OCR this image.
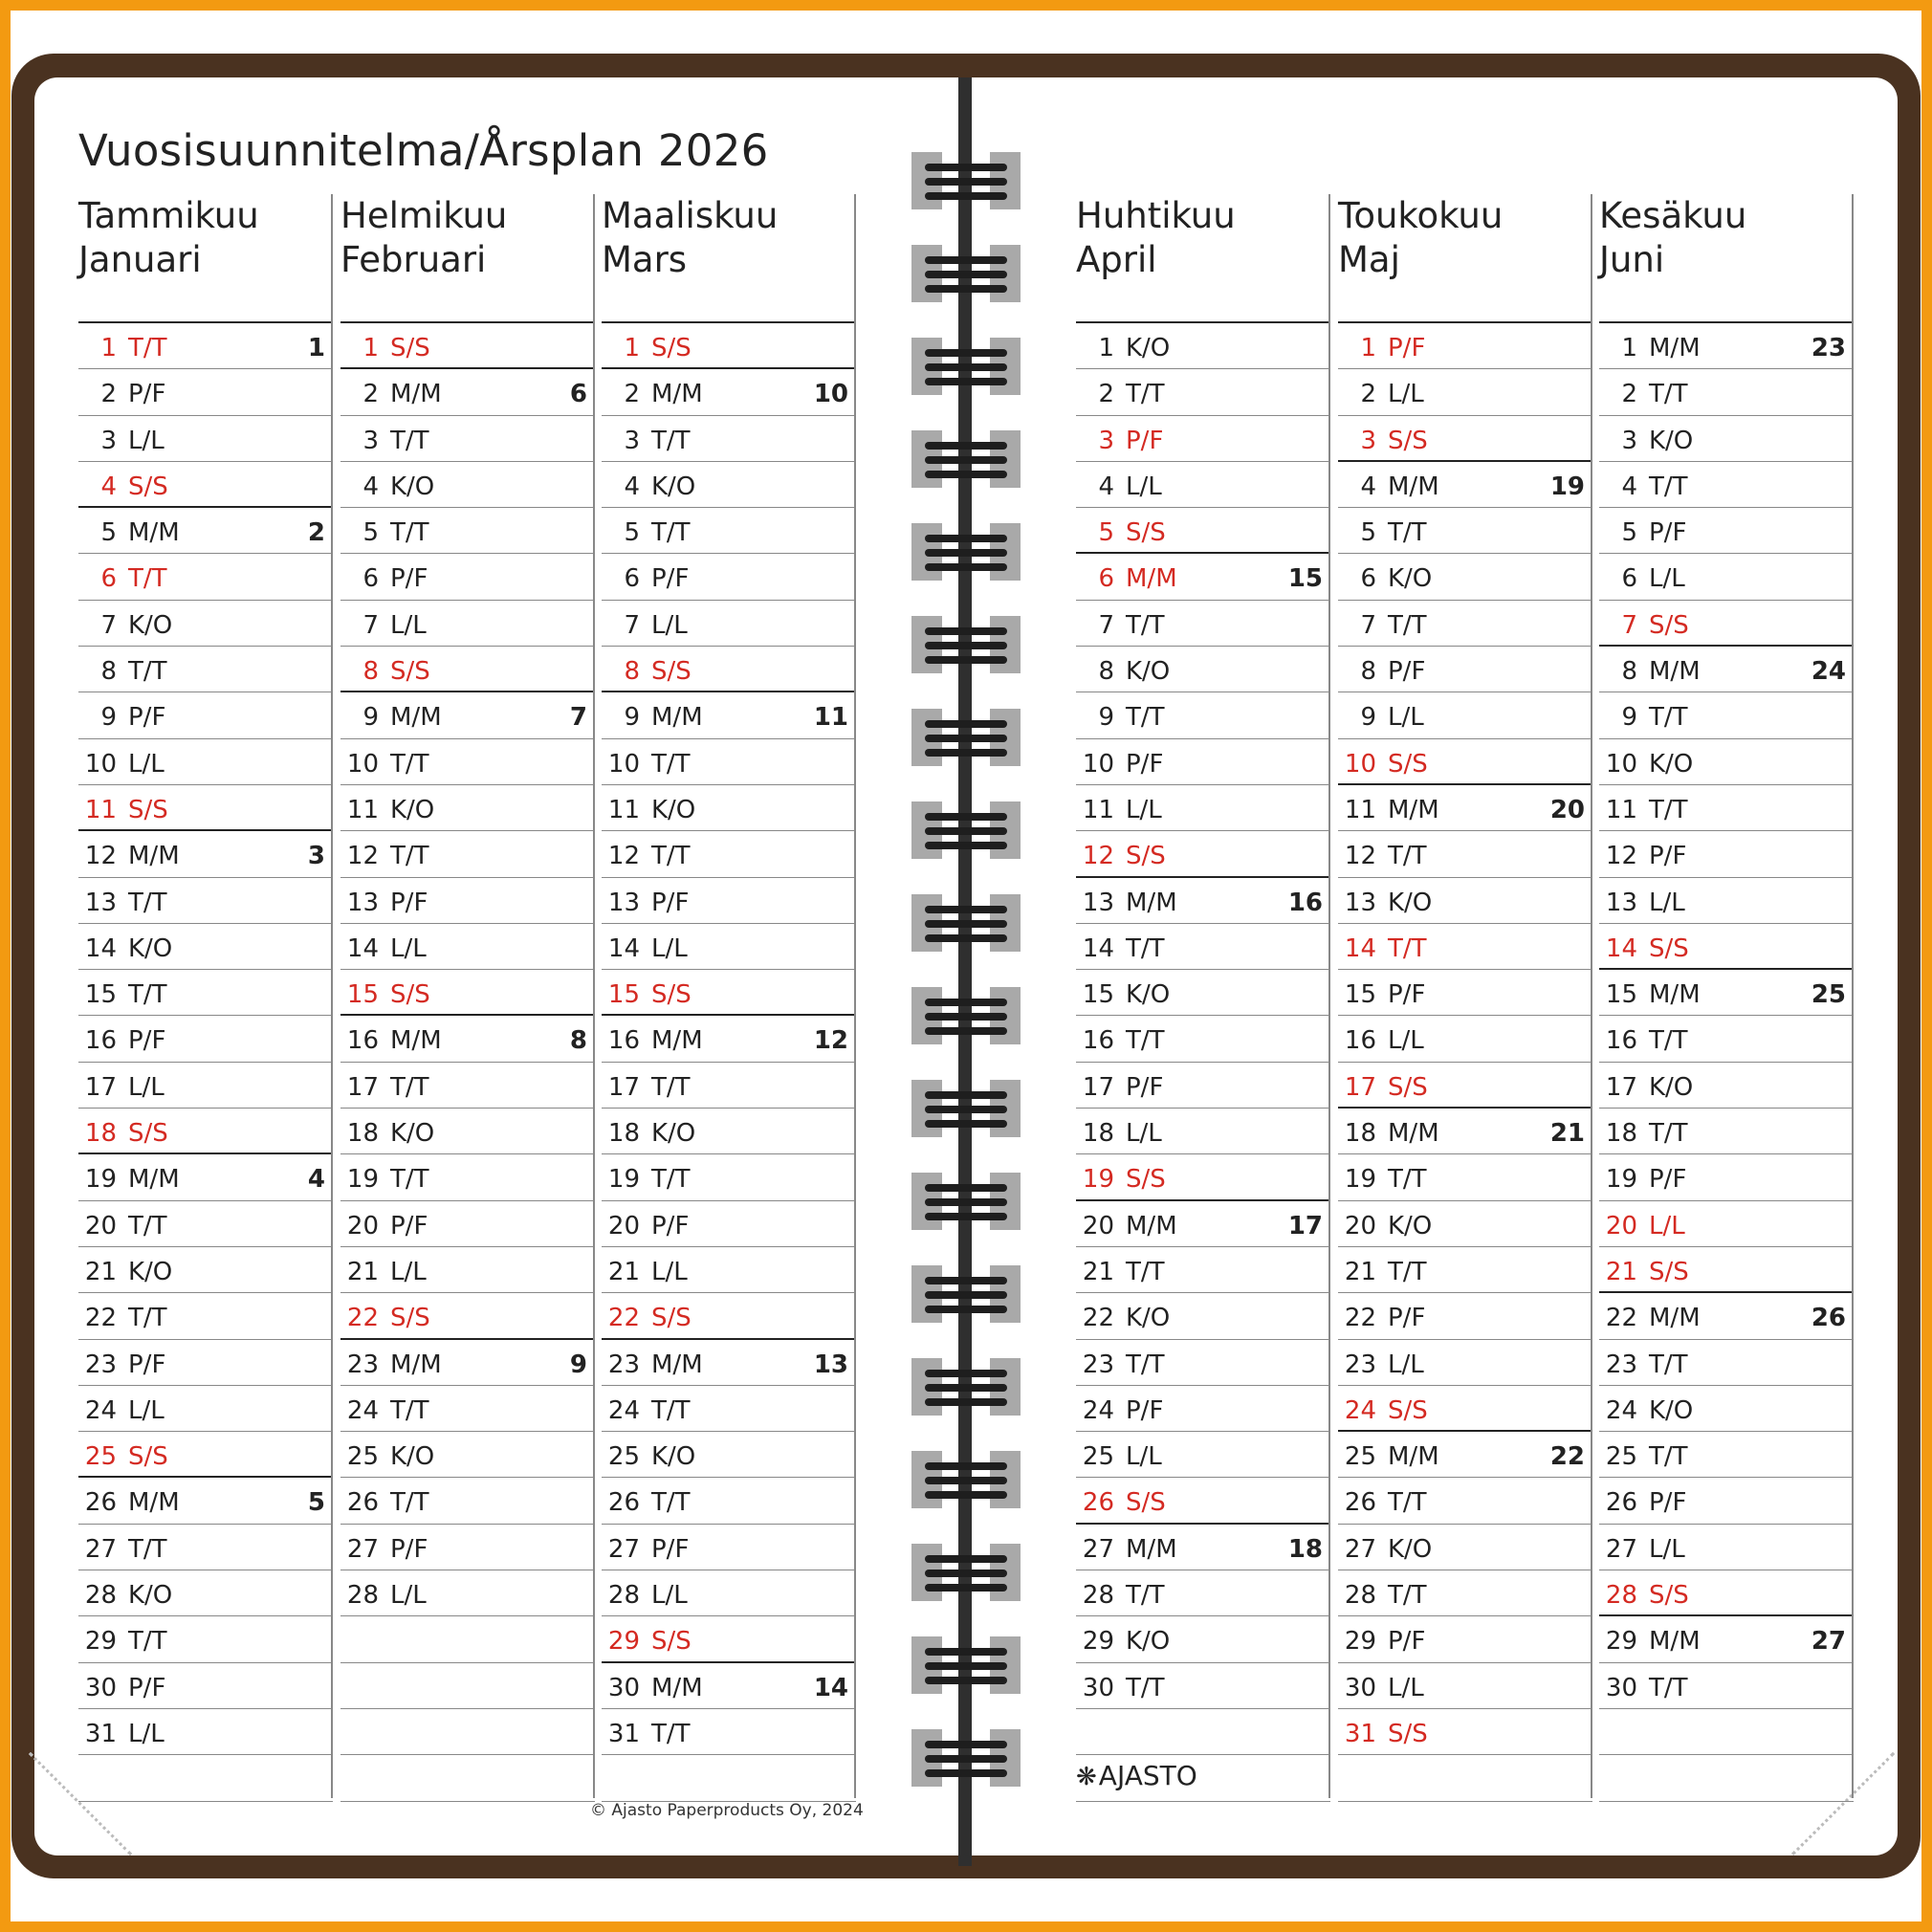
Vuosisuunnitelma/Årsplan 2026
Tammikuu
Januari
1 T/T	1
2 P/F
3 L/L
4 S/S
5 M/M	2
6 T/T
7 K/O
8 T/T
9 P/F
10 L/L
11 S/S
12 M/M	3
13 T/T
14 K/O
15 T/T
16 P/F
17 L/L
18 S/S
19 M/M	4
20 T/T
21 K/O
22 T/T
23 P/F
24 L/L
25 S/S
26 M/M	5
27 T/T
28 K/O
29 T/T
30 P/F
31 L/L
Helmikuu
Februari
1 S/S
2 M/M	6
3 T/T
4 K/O
5 T/T
6 P/F
7 L/L
8 S/S
9 M/M	7
10 T/T
11 K/O
12 T/T
13 P/F
14 L/L
15 S/S
16 M/M	8
17 T/T
18 K/O
19 T/T
20 P/F
21 L/L
22 S/S
23 M/M	9
24 T/T
25 K/O
26 T/T
27 P/F
28 L/L
Maaliskuu
Mars
1 S/S
2 M/M	10
3 T/T
4 K/O
5 T/T
6 P/F
7 L/L
8 S/S
9 M/M	11
10 T/T
11 K/O
12 T/T
13 P/F
14 L/L
15 S/S
16 M/M	12
17 T/T
18 K/O
19 T/T
20 P/F
21 L/L
22 S/S
23 M/M	13
24 T/T
25 K/O
26 T/T
27 P/F
28 L/L
29 S/S
30 M/M	14
31 T/T
Huhtikuu
April
1 K/O
2 T/T
3 P/F
4 L/L
5 S/S
6 M/M	15
7 T/T
8 K/O
9 T/T
10 P/F
11 L/L
12 S/S
13 M/M	16
14 T/T
15 K/O
16 T/T
17 P/F
18 L/L
19 S/S
20 M/M	17
21 T/T
22 K/O
23 T/T
24 P/F
25 L/L
26 S/S
27 M/M	18
28 T/T
29 K/O
30 T/T
Toukokuu
Maj
1 P/F
2 L/L
3 S/S
4 M/M	19
5 T/T
6 K/O
7 T/T
8 P/F
9 L/L
10 S/S
11 M/M	20
12 T/T
13 K/O
14 T/T
15 P/F
16 L/L
17 S/S
18 M/M	21
19 T/T
20 K/O
21 T/T
22 P/F
23 L/L
24 S/S
25 M/M	22
26 T/T
27 K/O
28 T/T
29 P/F
30 L/L
31 S/S
Kesäkuu
Juni
1 M/M	23
2 T/T
3 K/O
4 T/T
5 P/F
6 L/L
7 S/S
8 M/M	24
9 T/T
10 K/O
11 T/T
12 P/F
13 L/L
14 S/S
15 M/M	25
16 T/T
17 K/O
18 T/T
19 P/F
20 L/L
21 S/S
22 M/M	26
23 T/T
24 K/O
25 T/T
26 P/F
27 L/L
28 S/S
29 M/M	27
30 T/T
© Ajasto Paperproducts Oy, 2024
❋AJASTO
